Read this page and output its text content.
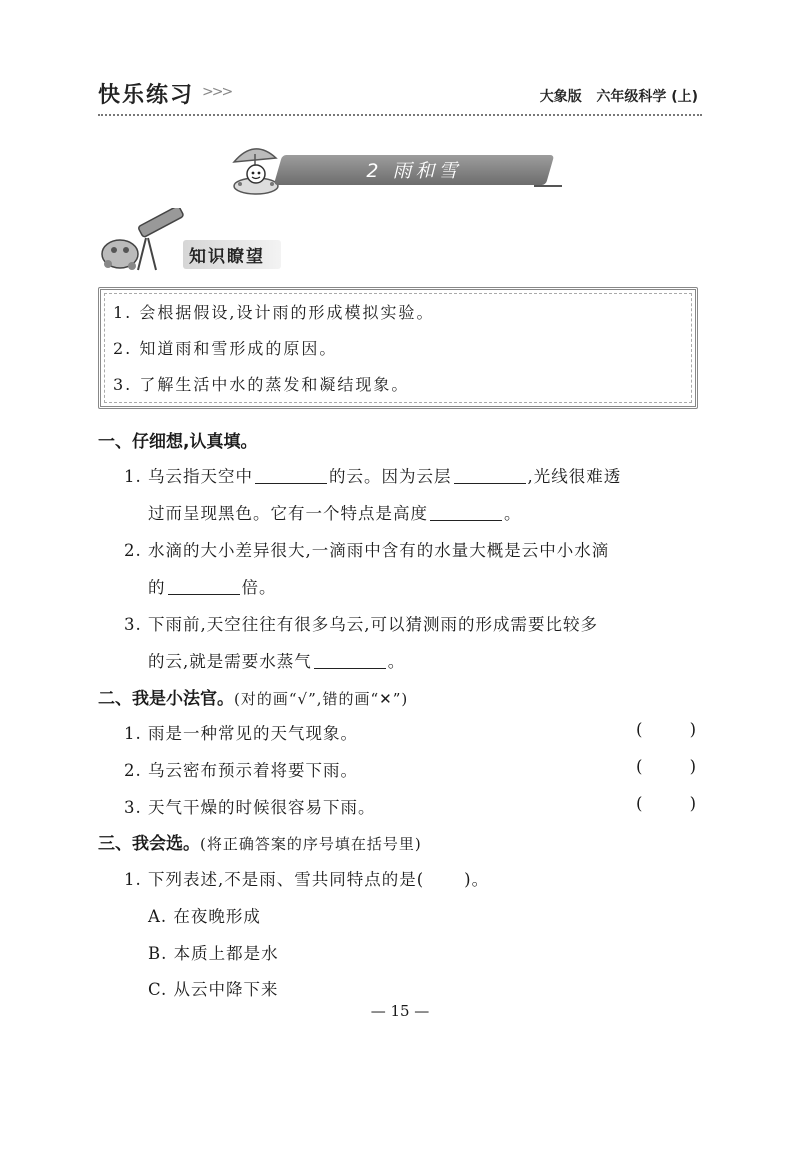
快乐练习 >>>	大象版 六年级科学 (上)
2 雨和雪
知识瞭望
1. 会根据假设,设计雨的形成模拟实验。
2. 知道雨和雪形成的原因。
3. 了解生活中水的蒸发和凝结现象。
一、仔细想,认真填。
1. 乌云指天空中	的云。因为云层	,光线很难透
过而呈现黑色。它有一个特点是高度	。
2. 水滴的大小差异很大,一滴雨中含有的水量大概是云中小水滴
的	倍。
3. 下雨前,天空往往有很多乌云,可以猜测雨的形成需要比较多
的云,就是需要水蒸气	。
二、我是小法官。(对的画“√”,错的画“✕”)
1. 雨是一种常见的天气现象。	(	)
2. 乌云密布预示着将要下雨。	(	)
3. 天气干燥的时候很容易下雨。	(	)
三、我会选。(将正确答案的序号填在括号里)
1. 下列表述,不是雨、雪共同特点的是( )。
A. 在夜晚形成
B. 本质上都是水
C. 从云中降下来
— 15 —
